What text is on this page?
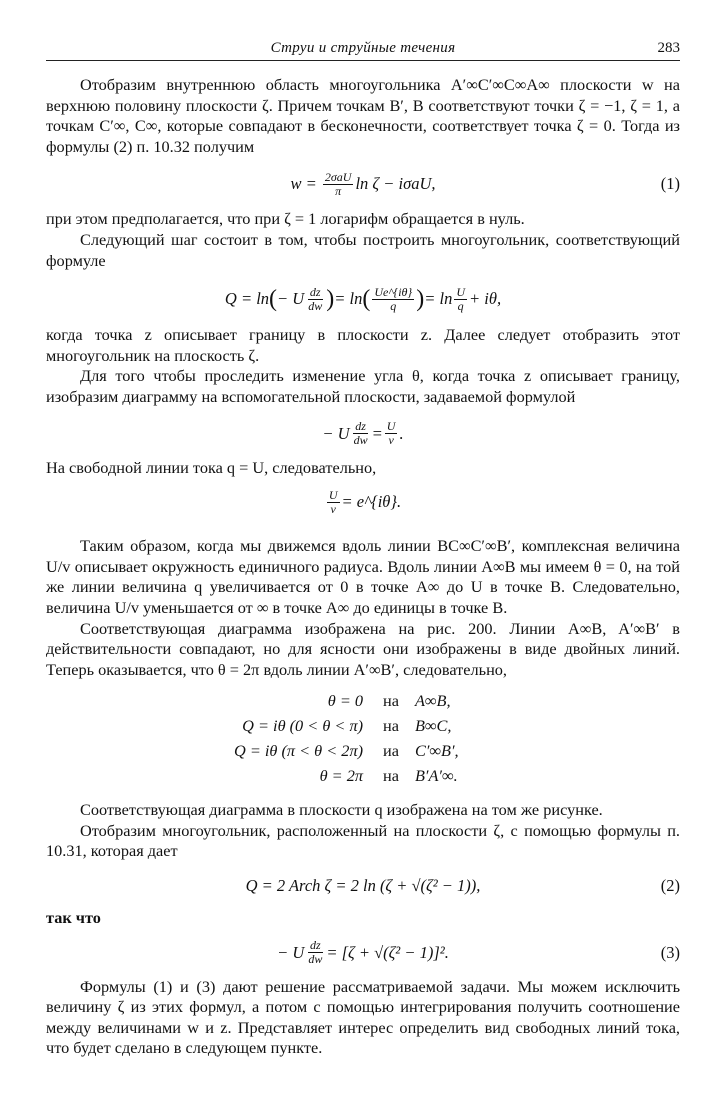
Струи и струйные течения	283

Отобразим внутреннюю область многоугольника A′∞C′∞C∞A∞ плоскости w на верхнюю половину плоскости ζ. Причем точкам B′, B соответствуют точки ζ = −1, ζ = 1, а точкам C′∞, C∞, которые совпадают в бесконечности, соответствует точка ζ = 0. Тогда из формулы (2) п. 10.32 получим

w =
$\frac{\text{2σaU}}{\pi}$ ln ζ − iσaU,	(1)

при этом предполагается, что при ζ = 1 логарифм обращается в нуль.

Следующий шаг состоит в том, чтобы построить многоугольник, соответствующий формуле

Q = ln ( − U $\frac{dz}{dw}$ ) = ln ( $\frac{Ue\^{}\{i\theta\}}{q}$ ) = $\ln \frac{U}{q} + i\theta$,

когда точка z описывает границу в плоскости z. Далее следует отобразить этот многоугольник на плоскость ζ.

Для того чтобы проследить изменение угла θ, когда точка z описывает границу, изобразим диаграмму на вспомогательной плоскости, задаваемой формулой

− U $\frac{dz}{dw} = \frac{U}{v}$ .

На свободной линии тока q = U, следовательно,

$\frac{U}{v}$ = e^{iθ}.

Таким образом, когда мы движемся вдоль линии BC∞C′∞B′, комплексная величина U/v описывает окружность единичного радиуса. Вдоль линии A∞B мы имеем θ = 0, на той же линии величина q увеличивается от 0 в точке A∞ до U в точке B. Следовательно, величина U/v уменьшается от ∞ в точке A∞ до единицы в точке B.

Соответствующая диаграмма изображена на рис. 200. Линии A∞B, A′∞B′ в действительности совпадают, но для ясности они изображены в виде двойных линий. Теперь оказывается, что θ = 2π вдоль линии A′∞B′, следовательно,

θ = 0	на	A∞B,
Q = iθ (0 < θ < π)	на	B∞C,
Q = iθ (π < θ < 2π)	иа	C′∞B′,
θ = 2π	на	B′A′∞.

Соответствующая диаграмма в плоскости q изображена на том же рисунке.

Отобразим многоугольник, расположенный на плоскости ζ, с помощью формулы п. 10.31, которая дает

Q = 2 Arch ζ = 2 ln (ζ + √(ζ² − 1)),	(2)

так что

− U $\frac{dz}{dw} = [\zeta + √(\zeta^2 - 1)]^2$.	(3)

Формулы (1) и (3) дают решение рассматриваемой задачи. Мы можем исключить величину ζ из этих формул, а потом с помощью интегрирования получить соотношение между величинами w и z. Представляет интерес определить вид свободных линий тока, что будет сделано в следующем пункте.
